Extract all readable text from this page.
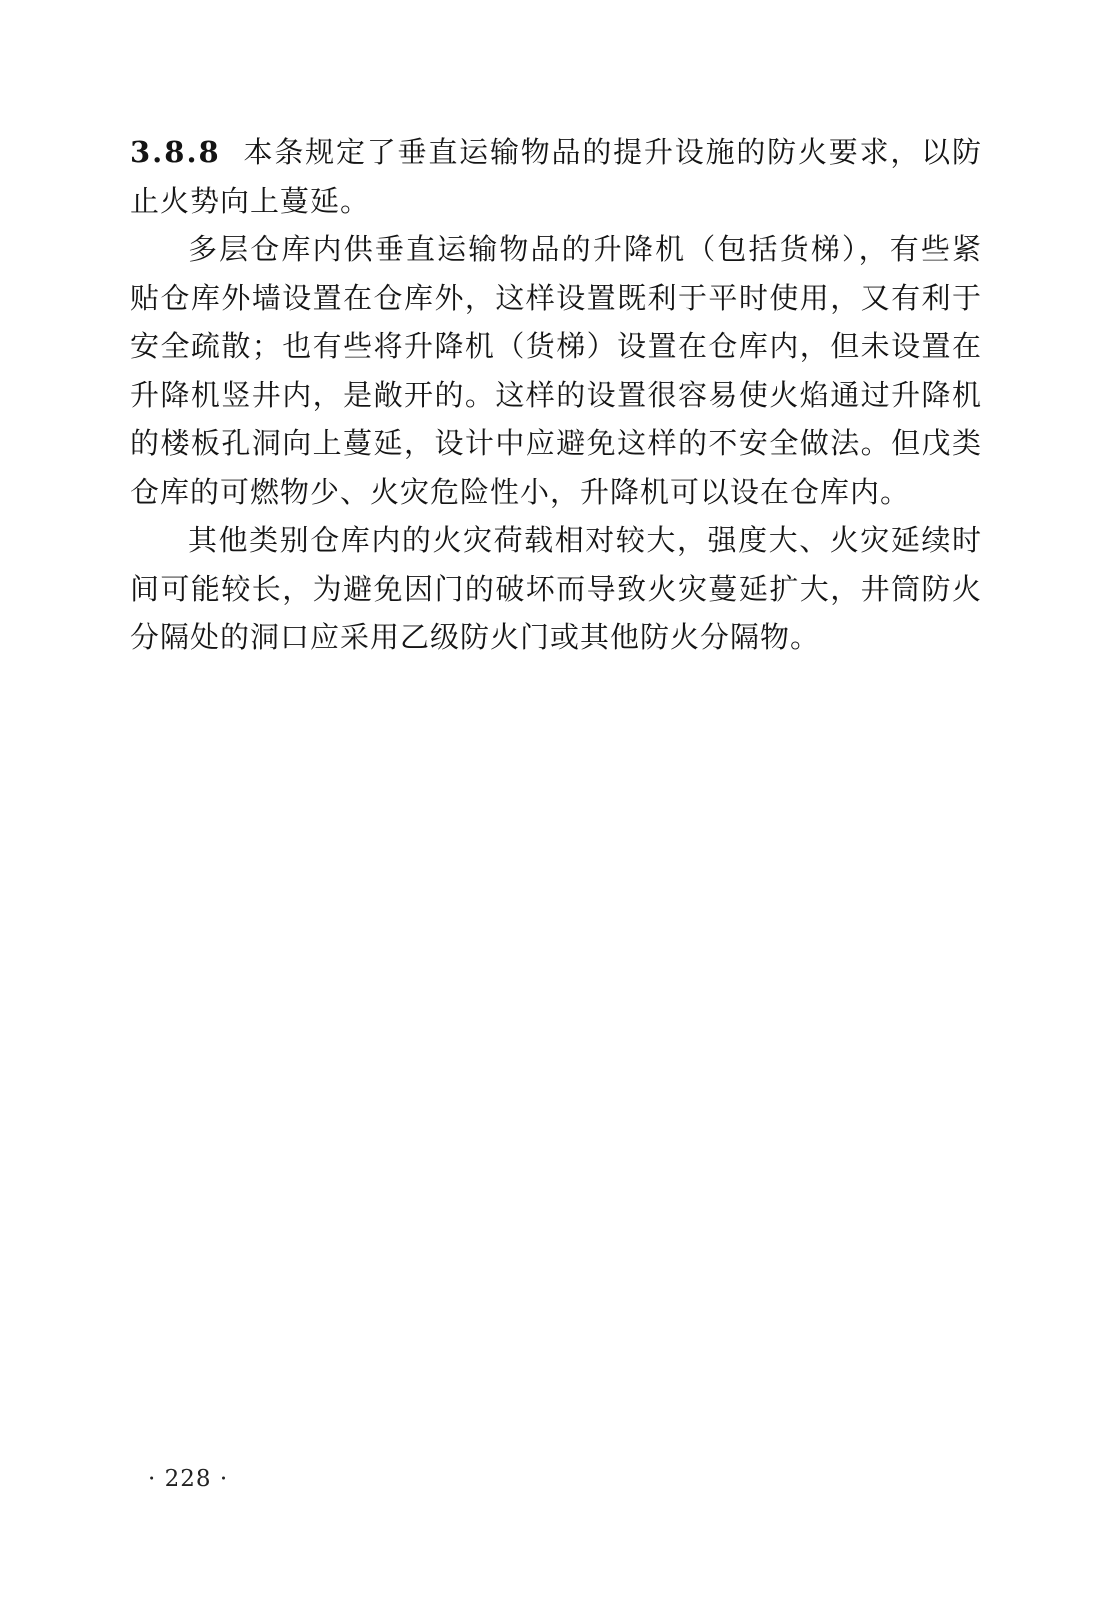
3.8.8 本条规定了垂直运输物品的提升设施的防火要求，以防止火势向上蔓延。

多层仓库内供垂直运输物品的升降机（包括货梯），有些紧贴仓库外墙设置在仓库外，这样设置既利于平时使用，又有利于安全疏散；也有些将升降机（货梯）设置在仓库内，但未设置在升降机竖井内，是敞开的。这样的设置很容易使火焰通过升降机的楼板孔洞向上蔓延，设计中应避免这样的不安全做法。但戊类仓库的可燃物少、火灾危险性小，升降机可以设在仓库内。

其他类别仓库内的火灾荷载相对较大，强度大、火灾延续时间可能较长，为避免因门的破坏而导致火灾蔓延扩大，井筒防火分隔处的洞口应采用乙级防火门或其他防火分隔物。

· 228 ·
